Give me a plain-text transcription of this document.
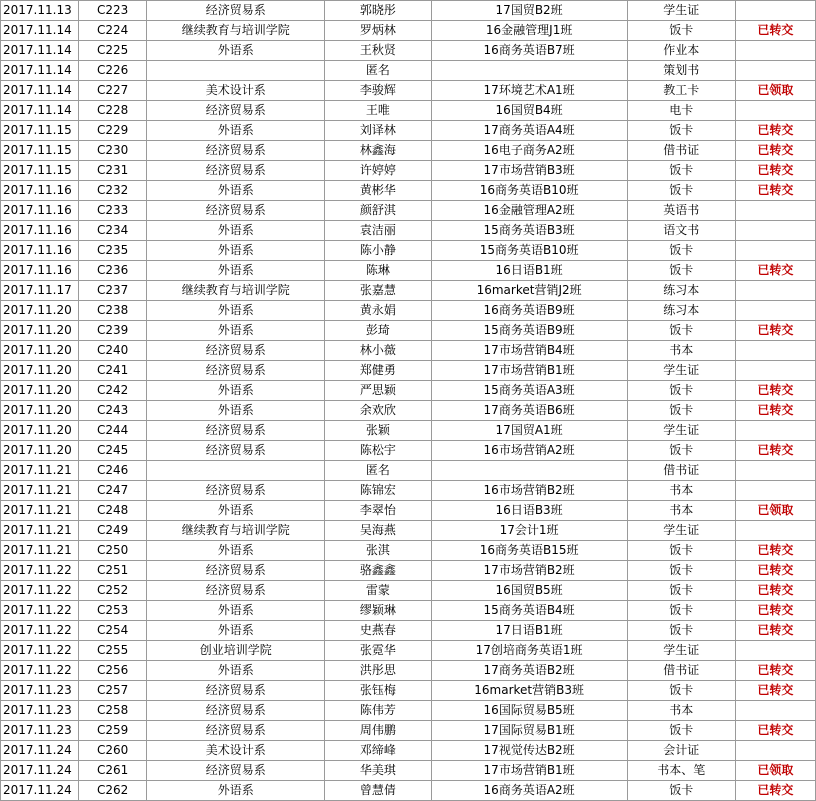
2017.11.13	C223	经济贸易系	郭晓彤	17国贸B2班	学生证	
2017.11.14	C224	继续教育与培训学院	罗炳林	16金融管理J1班	饭卡	已转交
2017.11.14	C225	外语系	王秋贤	16商务英语B7班	作业本	
2017.11.14	C226		匿名		策划书	
2017.11.14	C227	美术设计系	李骏辉	17环境艺术A1班	教工卡	已领取
2017.11.14	C228	经济贸易系	王唯	16国贸B4班	电卡	
2017.11.15	C229	外语系	刘译林	17商务英语A4班	饭卡	已转交
2017.11.15	C230	经济贸易系	林鑫海	16电子商务A2班	借书证	已转交
2017.11.15	C231	经济贸易系	许婷婷	17市场营销B3班	饭卡	已转交
2017.11.16	C232	外语系	黄彬华	16商务英语B10班	饭卡	已转交
2017.11.16	C233	经济贸易系	颜舒淇	16金融管理A2班	英语书	
2017.11.16	C234	外语系	袁洁丽	15商务英语B3班	语文书	
2017.11.16	C235	外语系	陈小静	15商务英语B10班	饭卡	
2017.11.16	C236	外语系	陈琳	16日语B1班	饭卡	已转交
2017.11.17	C237	继续教育与培训学院	张嘉慧	16market营销J2班	练习本	
2017.11.20	C238	外语系	黄永娟	16商务英语B9班	练习本	
2017.11.20	C239	外语系	彭琦	15商务英语B9班	饭卡	已转交
2017.11.20	C240	经济贸易系	林小薇	17市场营销B4班	书本	
2017.11.20	C241	经济贸易系	郑健勇	17市场营销B1班	学生证	
2017.11.20	C242	外语系	严思颖	15商务英语A3班	饭卡	已转交
2017.11.20	C243	外语系	余欢欣	17商务英语B6班	饭卡	已转交
2017.11.20	C244	经济贸易系	张颖	17国贸A1班	学生证	
2017.11.20	C245	经济贸易系	陈松宇	16市场营销A2班	饭卡	已转交
2017.11.21	C246		匿名		借书证	
2017.11.21	C247	经济贸易系	陈锦宏	16市场营销B2班	书本	
2017.11.21	C248	外语系	李翠怡	16日语B3班	书本	已领取
2017.11.21	C249	继续教育与培训学院	吴海燕	17会计1班	学生证	
2017.11.21	C250	外语系	张淇	16商务英语B15班	饭卡	已转交
2017.11.22	C251	经济贸易系	骆鑫鑫	17市场营销B2班	饭卡	已转交
2017.11.22	C252	经济贸易系	雷蒙	16国贸B5班	饭卡	已转交
2017.11.22	C253	外语系	缪颖琳	15商务英语B4班	饭卡	已转交
2017.11.22	C254	外语系	史燕春	17日语B1班	饭卡	已转交
2017.11.22	C255	创业培训学院	张霓华	17创培商务英语1班	学生证	
2017.11.22	C256	外语系	洪彤思	17商务英语B2班	借书证	已转交
2017.11.23	C257	经济贸易系	张钰梅	16market营销B3班	饭卡	已转交
2017.11.23	C258	经济贸易系	陈伟芳	16国际贸易B5班	书本	
2017.11.23	C259	经济贸易系	周伟鹏	17国际贸易B1班	饭卡	已转交
2017.11.24	C260	美术设计系	邓缔峰	17视觉传达B2班	会计证	
2017.11.24	C261	经济贸易系	华美琪	17市场营销B1班	书本、笔	已领取
2017.11.24	C262	外语系	曾慧倩	16商务英语A2班	饭卡	已转交
